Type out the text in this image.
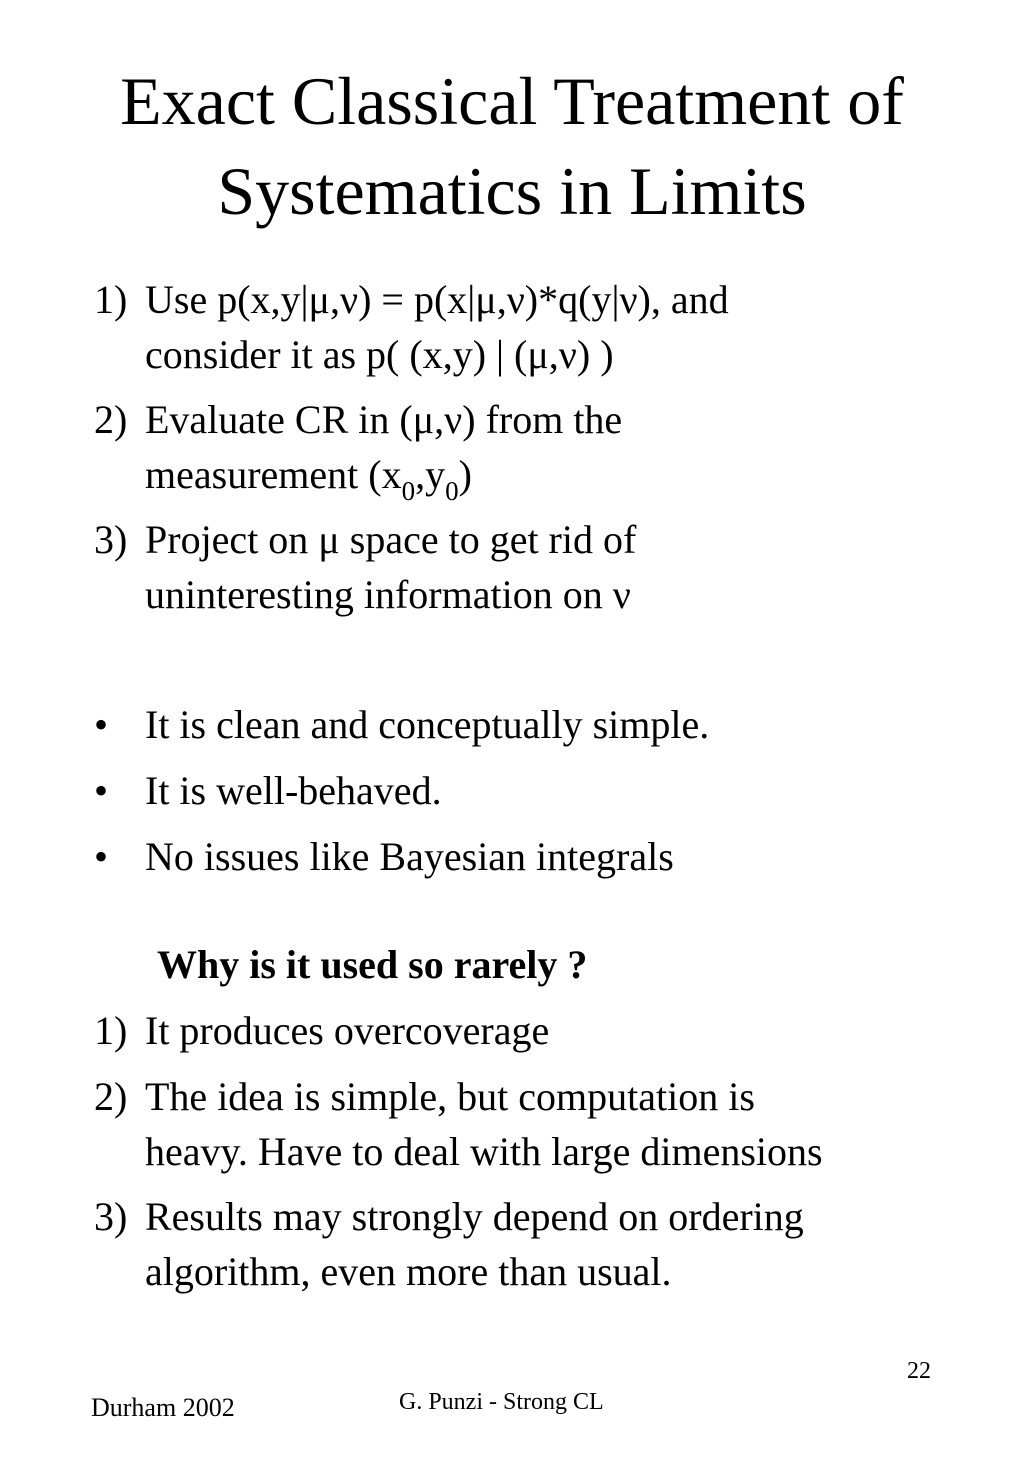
Exact Classical Treatment of
Systematics in Limits
1) Use p(x,y|μ,ν) = p(x|μ,ν)*q(y|ν), and
consider it as p( (x,y) | (μ,ν) )
2) Evaluate CR in (μ,ν) from the
measurement $(x_0,y_0)$
3) Project on μ space to get rid of
uninteresting information on ν
• It is clean and conceptually simple.
• It is well-behaved.
• No issues like Bayesian integrals
Why is it used so rarely ?
1) It produces overcoverage
2) The idea is simple, but computation is
heavy. Have to deal with large dimensions
3) Results may strongly depend on ordering
algorithm, even more than usual.
22
Durham 2002	G. Punzi - Strong CL
